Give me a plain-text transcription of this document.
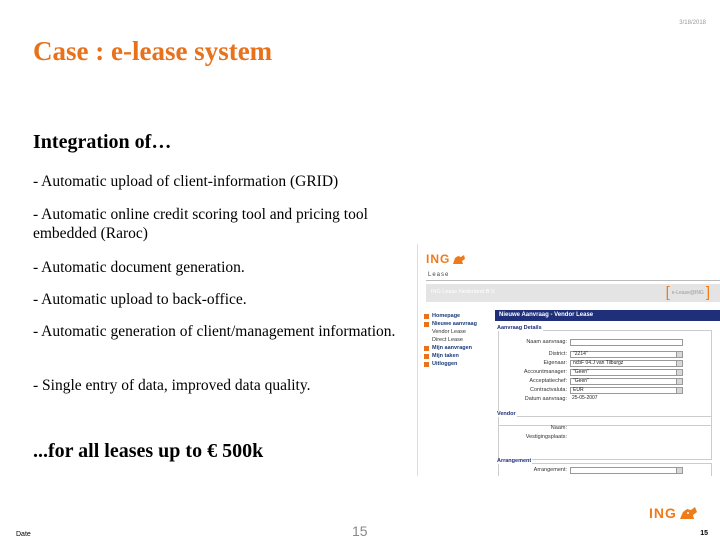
3/18/2018
Case : e-lease system
Integration of…
- Automatic upload of client-information (GRID)
- Automatic online credit scoring tool and pricing tool embedded (Raroc)
- Automatic document generation.
- Automatic upload to back-office.
- Automatic generation of client/management information.
- Single entry of data, improved data quality.
...for all leases up to € 500k
ING
Lease
ING Lease Nederland B.V.	[ e-Lease@ING ]
Homepage
Nieuwe aanvraag
Vendor Lease
Direct Lease
Mijn aanvragen
Mijn taken
Uitloggen
Nieuwe Aanvraag - Vendor Lease
Aanvraag Details
Naam aanvraag:
District:	"2214"
Eigenaar:	ncbF 04.J van Tilburgz
Accountmanager:	"Geen"
Acceptatiechef:	"Geen"
Contractvaluta:	EUR
Datum aanvraag:	25-05-2007
Vendor
Naam:
Vestigingsplaats:
Arrangement
Arrangement:
Date	15
ING
15
